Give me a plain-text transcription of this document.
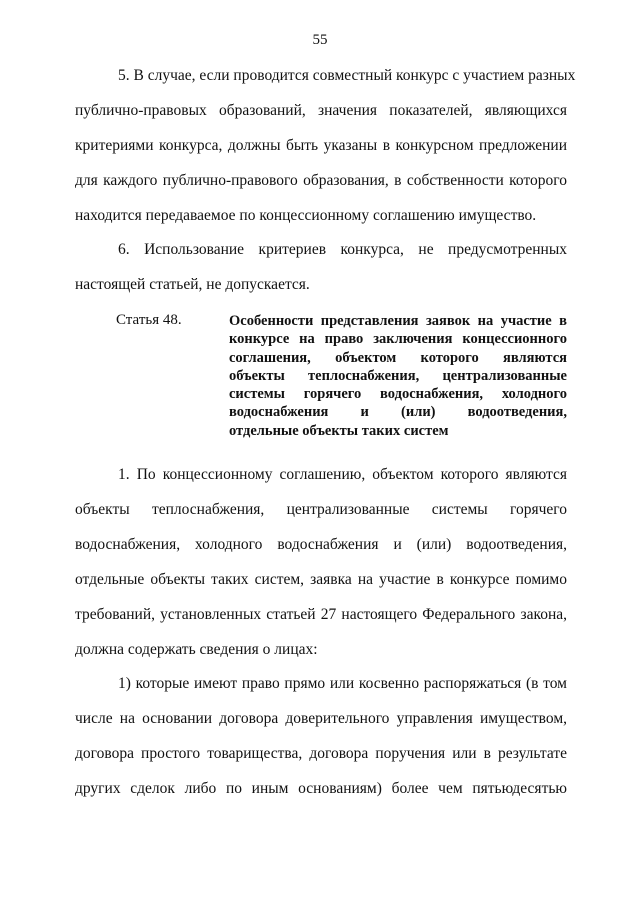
55
5. В случае, если проводится совместный конкурс с участием разных
публично-правовых образований, значения показателей, являющихся
критериями конкурса, должны быть указаны в конкурсном предложении
для каждого публично-правового образования, в собственности которого
находится передаваемое по концессионному соглашению имущество.
6. Использование критериев конкурса, не предусмотренных
настоящей статьей, не допускается.
Статья 48.	Особенности представления заявок на участие в
конкурсе на право заключения концессионного
соглашения, объектом которого являются
объекты теплоснабжения, централизованные
системы горячего водоснабжения, холодного
водоснабжения и (или) водоотведения,
отдельные объекты таких систем
1. По концессионному соглашению, объектом которого являются
объекты теплоснабжения, централизованные системы горячего
водоснабжения, холодного водоснабжения и (или) водоотведения,
отдельные объекты таких систем, заявка на участие в конкурсе помимо
требований, установленных статьей 27 настоящего Федерального закона,
должна содержать сведения о лицах:
1) которые имеют право прямо или косвенно распоряжаться (в том
числе на основании договора доверительного управления имуществом,
договора простого товарищества, договора поручения или в результате
других сделок либо по иным основаниям) более чем пятьюдесятью
